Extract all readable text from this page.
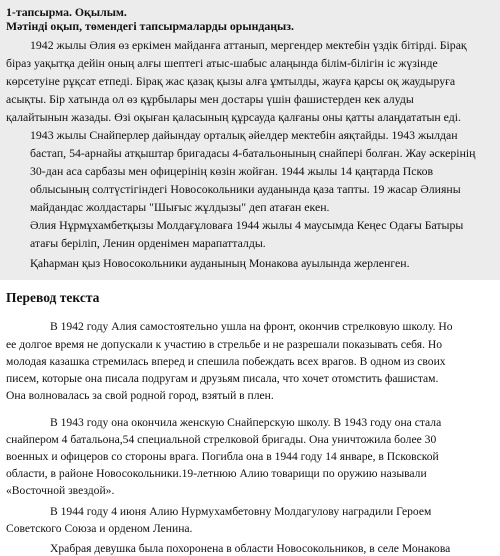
1-тапсырма. Оқылым.
Мәтінді оқып, төмендегі тапсырмаларды орындаңыз.
1942 жылы Әлия өз еркімен майданға аттанып, мергендер мектебін үздік бітірді. Бірақ
біраз уақытқа дейін оның алғы шептегі атыс-шабыс алаңында білім-білігін іс жүзінде
көрсетуіне рұқсат етпеді. Бірақ жас қазақ қызы алға ұмтылды, жауға қарсы оқ жаудыруға
асықты. Бір хатында ол өз құрбылары мен достары үшін фашистерден кек алуды
қалайтынын жазады. Өзі оқыған қаласының құрсауда қалғаны оны қатты алаңдататын еді.
1943 жылы Снайперлер дайындау орталық әйелдер мектебін аяқтайды. 1943 жылдан
бастап, 54-арнайы атқыштар бригадасы 4-батальонының снайпері болған. Жау әскерінің
30-дан аса сарбазы мен офицерінің көзін жойған. 1944 жылы 14 қаңтарда Псков
облысының солтүстігіндегі Новосокольники ауданында қаза тапты. 19 жасар Әлияны
майдандас жолдастары "Шығыс жұлдызы" деп атаған екен.
Әлия Нұрмұхамбетқызы Молдағұловаға 1944 жылы 4 маусымда Кеңес Одағы Батыры
атағы берiлiп, Ленин орденiмен марапатталды.
Қаһарман қыз Новосокольники ауданының Монакова ауылында жерленген.
Перевод текста
В 1942 году Алия самостоятельно ушла на фронт, окончив стрелковую школу. Но
ее долгое время не допускали к участию в стрельбе и не разрешали показывать себя. Но
молодая казашка стремилась вперед и спешила побеждать всех врагов. В одном из своих
писем, которые она писала подругам и друзьям писала, что хочет отомстить фашистам.
Она волновалась за свой родной город, взятый в плен.
В 1943 году она окончила женскую Снайперскую школу. В 1943 году она стала
снайпером 4 батальона,54 специальной стрелковой бригады. Она уничтожила более 30
военных и офицеров со стороны врага. Погибла она в 1944 году 14 январе, в Псковской
области, в районе Новосокольники.19-летнюю Алию товарищи по оружию называли
«Восточной звездой».
В 1944 году 4 июня Алию Нурмухамбетовну Молдагулову наградили Героем
Советского Союза и орденом Ленина.
Храбрая девушка была похоронена в области Новосокольников, в селе Монакова
